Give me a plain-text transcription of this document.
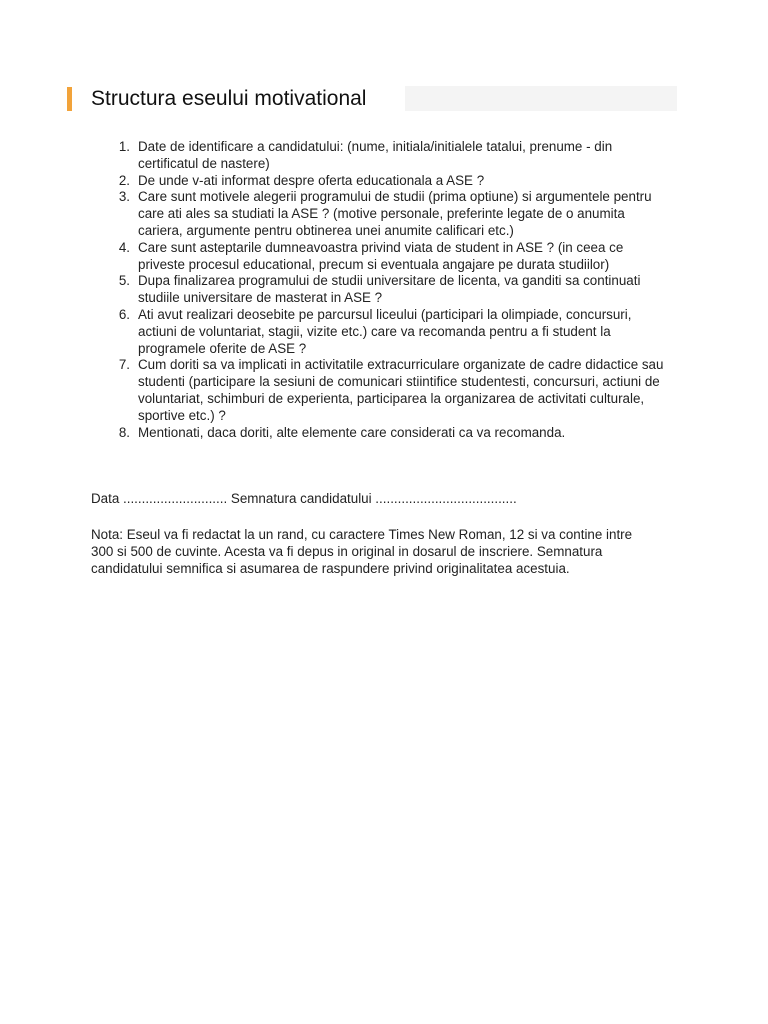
Structura eseului motivational
1. Date de identificare a candidatului: (nume, initiala/initialele tatalui, prenume - din certificatul de nastere)
2. De unde v-ati informat despre oferta educationala a ASE ?
3. Care sunt motivele alegerii programului de studii (prima optiune) si argumentele pentru care ati ales sa studiati la ASE ? (motive personale, preferinte legate de o anumita cariera, argumente pentru obtinerea unei anumite calificari etc.)
4. Care sunt asteptarile dumneavoastra privind viata de student in ASE ? (in ceea ce priveste procesul educational, precum si eventuala angajare pe durata studiilor)
5. Dupa finalizarea programului de studii universitare de licenta, va ganditi sa continuati studiile universitare de masterat in ASE ?
6. Ati avut realizari deosebite pe parcursul liceului (participari la olimpiade, concursuri, actiuni de voluntariat, stagii, vizite etc.) care va recomanda pentru a fi student la programele oferite de ASE ?
7. Cum doriti sa va implicati in activitatile extracurriculare organizate de cadre didactice sau studenti (participare la sesiuni de comunicari stiintifice studentesti, concursuri, actiuni de voluntariat, schimburi de experienta, participarea la organizarea de activitati culturale, sportive etc.) ?
8. Mentionati, daca doriti, alte elemente care considerati ca va recomanda.
Data ............................ Semnatura candidatului ......................................

Nota: Eseul va fi redactat la un rand, cu caractere Times New Roman, 12 si va contine intre 300 si 500 de cuvinte. Acesta va fi depus in original in dosarul de inscriere. Semnatura candidatului semnifica si asumarea de raspundere privind originalitatea acestuia.
